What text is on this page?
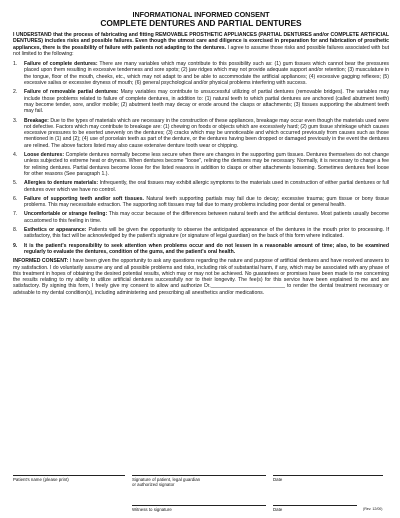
INFORMATIONAL INFORMED CONSENT

COMPLETE DENTURES AND PARTIAL DENTURES

I UNDERSTAND that the process of fabricating and fitting REMOVABLE PROSTHETIC APPLIANCES (PARTIAL DENTURES and/or COMPLETE ARTIFICIAL DENTURES) includes risks and possible failures. Even though the utmost care and diligence is exercised in preparation for and fabrication of prosthetic appliances, there is the possibility of failure with patients not adapting to the dentures. I agree to assume those risks and possible failures associated with but not limited to the following:

1. Failure of complete dentures: There are many variables which may contribute to this possibility such as: (1) gum tissues which cannot bear the pressures placed upon them resulting in excessive tenderness and sore spots; (2) jaw ridges which may not provide adequate support and/or retention; (3) musculature in the tongue, floor of the mouth, cheeks, etc., which may not adapt to and be able to accommodate the artificial appliances; (4) excessive gagging reflexes; (5) excessive saliva or excessive dryness of mouth; (6) general psychological and/or physical problems interfering with success.
2. Failure of removable partial dentures: Many variables may contribute to unsuccessful utilizing of partial dentures (removable bridges). The variables may include those problems related to failure of complete dentures, in addition to: (1) natural teeth to which partial dentures are anchored (called abutment teeth) may become tender, sore, and/or mobile; (2) abutment teeth may decay or erode around the clasps or attachments; (3) tissues supporting the abutment teeth may fail.
3. Breakage: Due to the types of materials which are necessary in the construction of these appliances, breakage may occur even though the materials used were not defective. Factors which may contribute to breakage are: (1) chewing on foods or objects which are excessively hard; (2) gum tissue shrinkage which causes excessive pressures to be exerted unevenly on the dentures; (3) cracks which may be unnoticeable and which occurred previously from causes such as those mentioned in (1) and (2); (4) use of porcelain teeth as part of the denture, or the dentures having been dropped or damaged previously in the event the dentures are relined. The above factors listed may also cause extensive denture tooth wear or chipping.
4. Loose dentures: Complete dentures normally become less secure when there are changes in the supporting gum tissues. Dentures themselves do not change unless subjected to extreme heat or dryness. When dentures become "loose", relining the dentures may be necessary. Normally, it is necessary to charge a fee for relining dentures. Partial dentures become loose for the listed reasons in addition to clasps or other attachments loosening. Sometimes dentures feel loose for other reasons (See paragraph 1.).
5. Allergies to denture materials: Infrequently, the oral tissues may exhibit allergic symptoms to the materials used in construction of either partial dentures or full dentures over which we have no control.
6. Failure of supporting teeth and/or soft tissues. Natural teeth supporting partials may fail due to decay; excessive trauma; gum tissue or bony tissue problems. This may necessitate extraction. The supporting soft tissues may fail due to many problems including poor dental or general health.
7. Uncomfortable or strange feeling: This may occur because of the differences between natural teeth and the artificial dentures. Most patients usually become accustomed to this feeling in time.
8. Esthetics or appearance: Patients will be given the opportunity to observe the anticipated appearance of the dentures in the mouth prior to processing. If satisfactory, this fact will be acknowledged by the patient's signature (or signature of legal guardian) on the back of this form where indicated.
9. It is the patient's responsibility to seek attention when problems occur and do not lessen in a reasonable amount of time; also, to be examined regularly to evaluate the dentures, condition of the gums, and the patient's oral health.

INFORMED CONSENT: I have been given the opportunity to ask any questions regarding the nature and purpose of artificial dentures and have received answers to my satisfaction. I do voluntarily assume any and all possible problems and risks, including risk of substantial harm, if any, which may be associated with any phase of this treatment in hopes of obtaining the desired potential results, which may or may not be achieved. No guarantees or promises have been made to me concerning the results relating to my ability to utilize artificial dentures successfully nor to their longevity. The fee(s) for this service have been explained to me and are satisfactory. By signing this form, I freely give my consent to allow and authorize Dr.__________________________ to render the dental treatment necessary or advisable to my dental condition(s), including administering and prescribing all anesthetics and/or medications.

Patient's name (please print)	Signature of patient, legal guardian
or authorized signator
Date
Witness to signature	Date	(Rev. 12/00)
